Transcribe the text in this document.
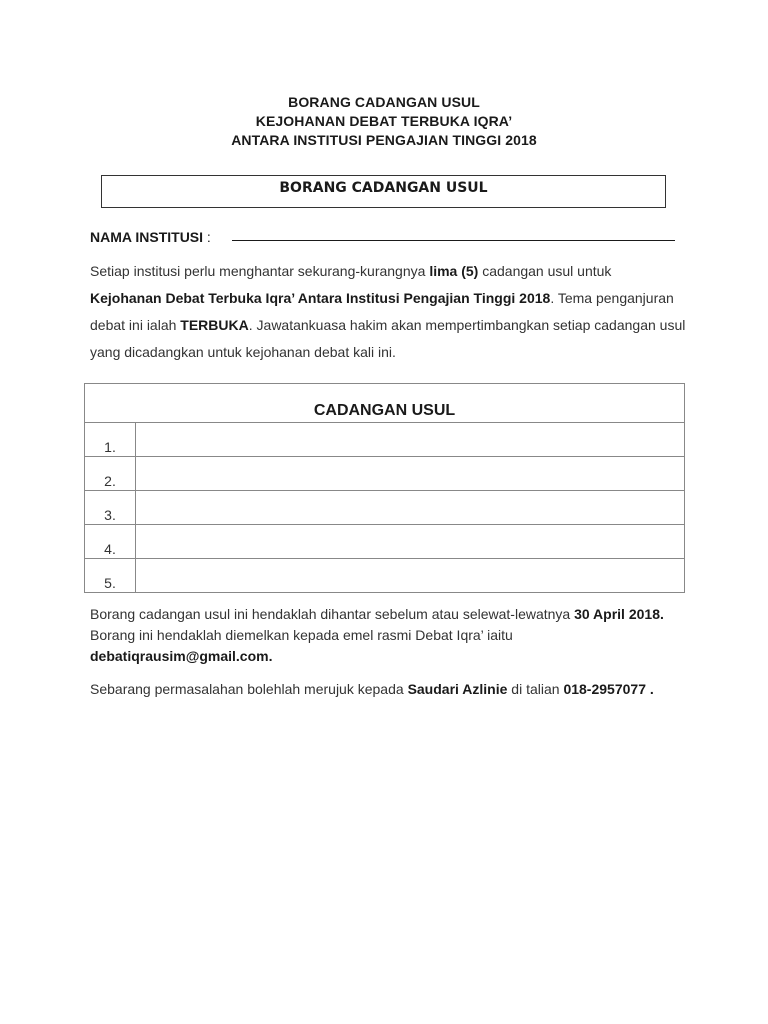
BORANG CADANGAN USUL
KEJOHANAN DEBAT TERBUKA IQRA’
ANTARA INSTITUSI PENGAJIAN TINGGI 2018
BORANG CADANGAN USUL
NAMA INSTITUSI :
Setiap institusi perlu menghantar sekurang-kurangnya lima (5) cadangan usul untuk
Kejohanan Debat Terbuka Iqra’ Antara Institusi Pengajian Tinggi 2018. Tema penganjuran debat ini ialah TERBUKA. Jawatankuasa hakim akan mempertimbangkan setiap cadangan usul yang dicadangkan untuk kejohanan debat kali ini.
CADANGAN USUL	
1.	
2.	
3.	
4.	
5.	
Borang cadangan usul ini hendaklah dihantar sebelum atau selewat-lewatnya 30 April 2018. Borang ini hendaklah diemelkan kepada emel rasmi Debat Iqra’ iaitu debatiqrausim@gmail.com.
Sebarang permasalahan bolehlah merujuk kepada Saudari Azlinie di talian 018-2957077 .
